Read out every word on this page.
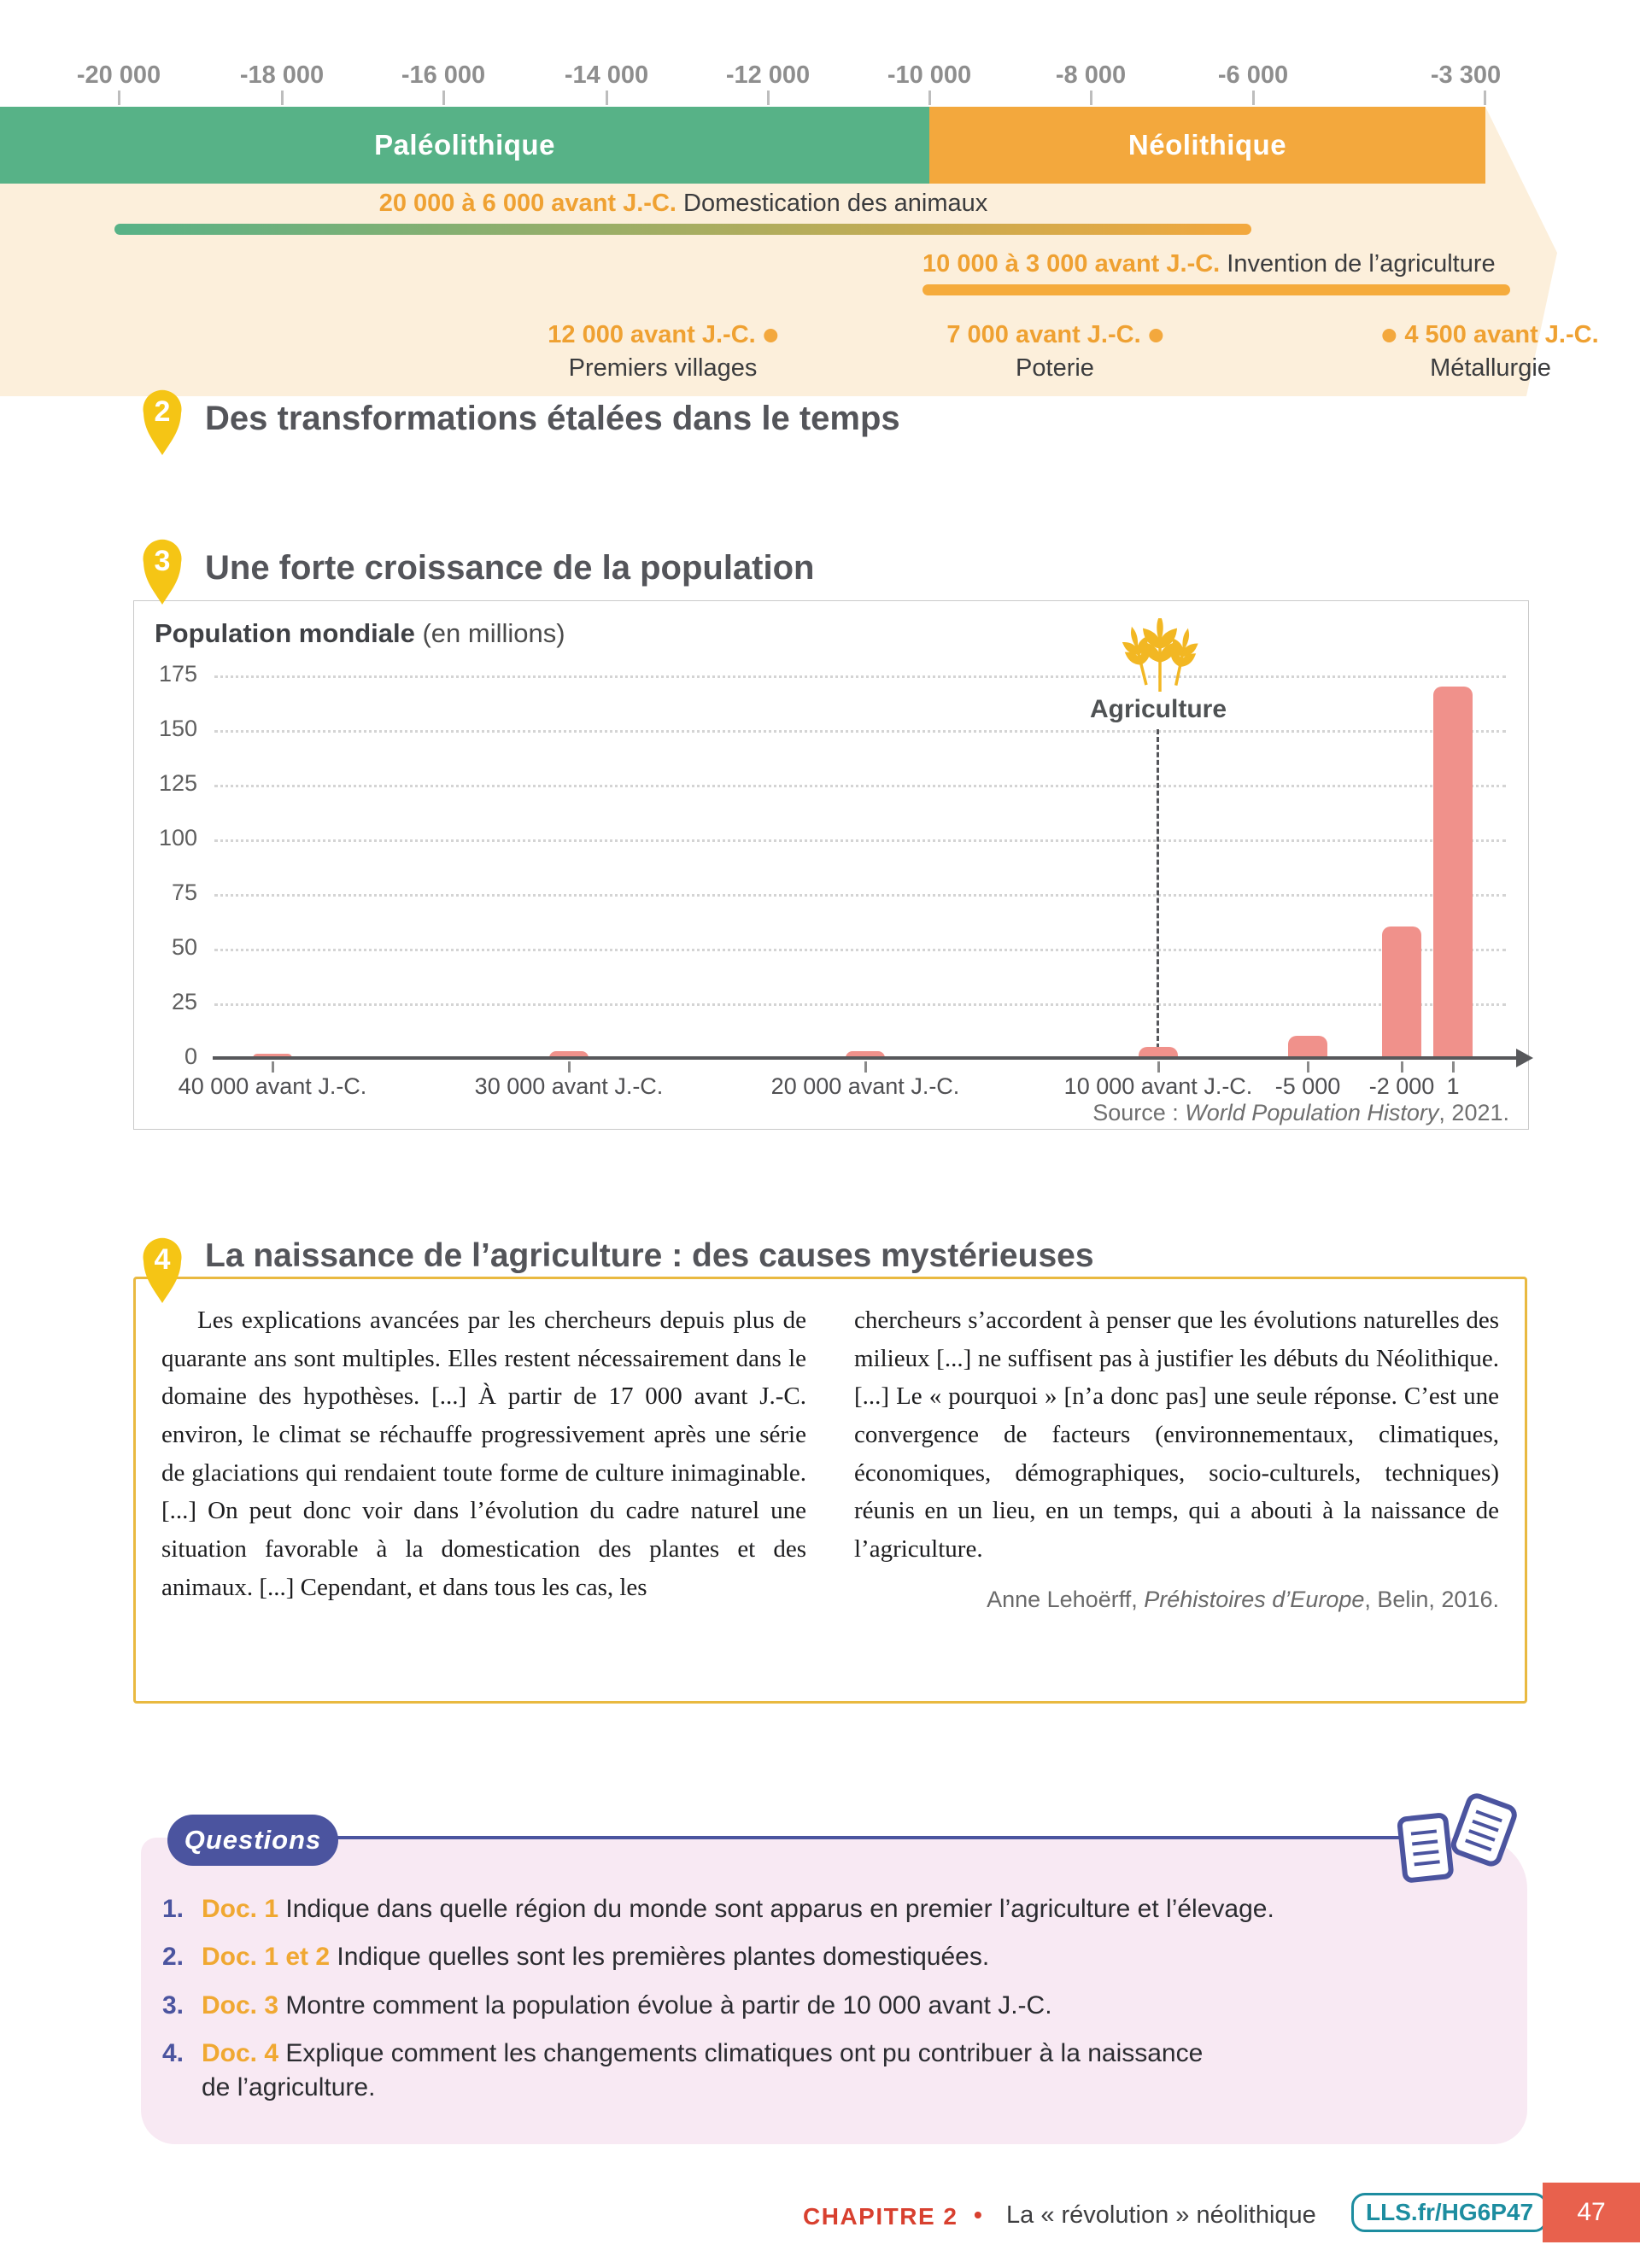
-20 000	-18 000	-16 000	-14 000	-12 000	-10 000	-8 000	-6 000	-3 300
Paléolithique	Néolithique
20 000 à 6 000 avant J.-C. Domestication des animaux
10 000 à 3 000 avant J.-C. Invention de l’agriculture
12 000 avant J.-C.
Premiers villages
7 000 avant J.-C.
Poterie
4 500 avant J.-C.
Métallurgie
2	Des transformations étalées dans le temps
3	Une forte croissance de la population
Population mondiale (en millions)
175
150
125
100
75
50
25
0
Agriculture
40 000 avant J.-C.	30 000 avant J.-C.	20 000 avant J.-C.	10 000 avant J.-C. -5 000 -2 000 1
Source : World Population History, 2021.
4	La naissance de l’agriculture : des causes mystérieuses
Les explications avancées par les chercheurs depuis plus de quarante ans sont multiples. Elles restent nécessairement dans le domaine des hypothèses. [...] À partir de 17 000 avant J.-C. environ, le climat se réchauffe progressivement après une série de glaciations qui rendaient toute forme de culture inimaginable. [...] On peut donc voir dans l’évolution du cadre naturel une situation favorable à la domestication des plantes et des animaux. [...] Cependant, et dans tous les cas, les
chercheurs s’accordent à penser que les évolutions naturelles des milieux [...] ne suffisent pas à justifier les débuts du Néolithique. [...] Le « pourquoi » [n’a donc pas] une seule réponse. C’est une convergence de facteurs (environnementaux, climatiques, économiques, démographiques, socio-culturels, techniques) réunis en un lieu, en un temps, qui a abouti à la naissance de l’agriculture.
Anne Lehoërff, Préhistoires d’Europe, Belin, 2016.
Questions
1. Doc. 1 Indique dans quelle région du monde sont apparus en premier l’agriculture et l’élevage.
2. Doc. 1 et 2 Indique quelles sont les premières plantes domestiquées.
3. Doc. 3 Montre comment la population évolue à partir de 10 000 avant J.-C.
4. Doc. 4 Explique comment les changements climatiques ont pu contribuer à la naissance
de l’agriculture.
CHAPITRE 2 • La « révolution » néolithique	LLS.fr/HG6P47	47
